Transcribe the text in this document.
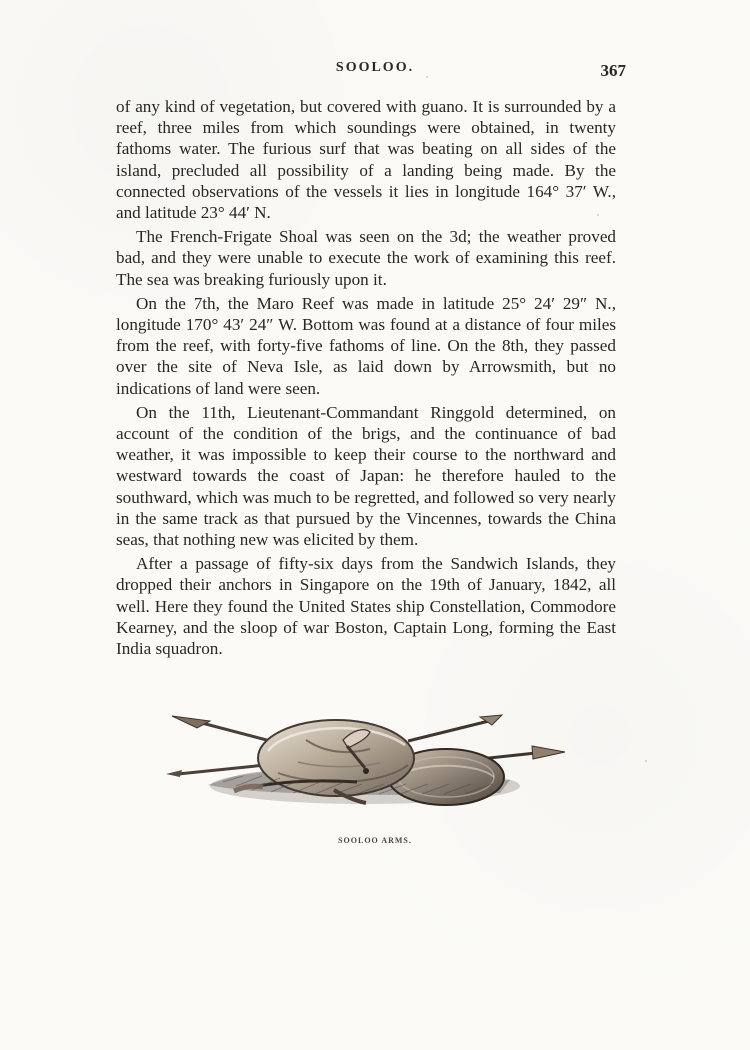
SOOLOO.	367

of any kind of vegetation, but covered with guano. It is surrounded by a reef, three miles from which soundings were obtained, in twenty fathoms water. The furious surf that was beating on all sides of the island, precluded all possibility of a landing being made. By the connected observations of the vessels it lies in longitude 164° 37′ W., and latitude 23° 44′ N.

The French-Frigate Shoal was seen on the 3d; the weather proved bad, and they were unable to execute the work of examining this reef. The sea was breaking furiously upon it.

On the 7th, the Maro Reef was made in latitude 25° 24′ 29″ N., longitude 170° 43′ 24″ W. Bottom was found at a distance of four miles from the reef, with forty-five fathoms of line. On the 8th, they passed over the site of Neva Isle, as laid down by Arrowsmith, but no indications of land were seen.

On the 11th, Lieutenant-Commandant Ringgold determined, on account of the condition of the brigs, and the continuance of bad weather, it was impossible to keep their course to the northward and westward towards the coast of Japan: he therefore hauled to the southward, which was much to be regretted, and followed so very nearly in the same track as that pursued by the Vincennes, towards the China seas, that nothing new was elicited by them.

After a passage of fifty-six days from the Sandwich Islands, they dropped their anchors in Singapore on the 19th of January, 1842, all well. Here they found the United States ship Constellation, Commodore Kearney, and the sloop of war Boston, Captain Long, forming the East India squadron.

SOOLOO ARMS.
